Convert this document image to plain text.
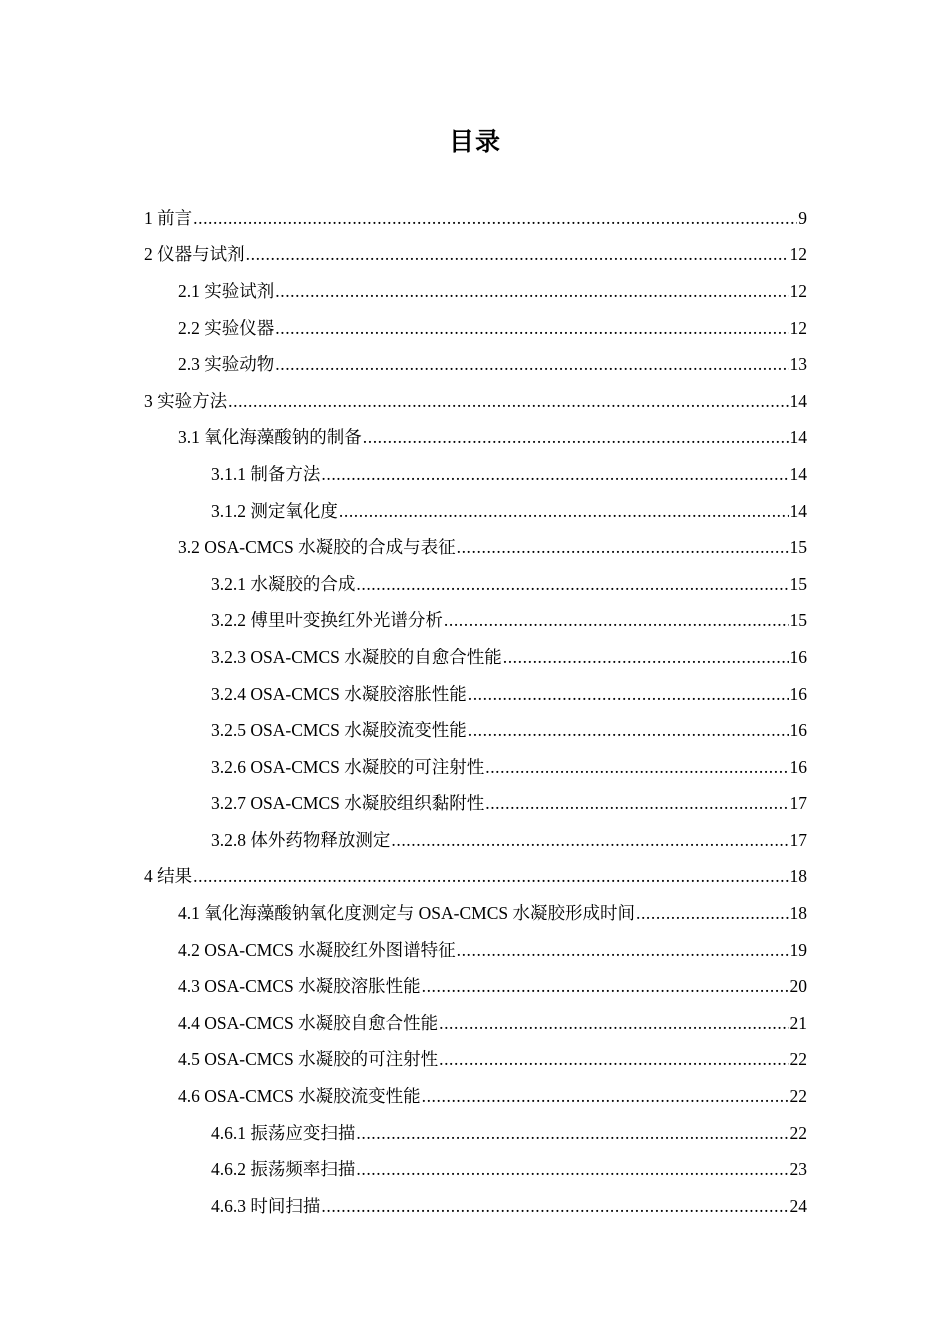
目录
1 前言 .....	9
2 仪器与试剂 .....	12
2.1 实验试剂 .....	12
2.2 实验仪器 .....	12
2.3 实验动物 .....	13
3 实验方法 .....	14
3.1 氧化海藻酸钠的制备 .....	14
3.1.1 制备方法 .....	14
3.1.2 测定氧化度 .....	14
3.2 OSA-CMCS 水凝胶的合成与表征 .....	15
3.2.1 水凝胶的合成 .....	15
3.2.2 傅里叶变换红外光谱分析 .....	15
3.2.3 OSA-CMCS 水凝胶的自愈合性能 .....	16
3.2.4 OSA-CMCS 水凝胶溶胀性能 .....	16
3.2.5 OSA-CMCS 水凝胶流变性能 .....	16
3.2.6 OSA-CMCS 水凝胶的可注射性 .....	16
3.2.7 OSA-CMCS 水凝胶组织黏附性 .....	17
3.2.8 体外药物释放测定 .....	17
4 结果 .....	18
4.1 氧化海藻酸钠氧化度测定与 OSA-CMCS 水凝胶形成时间 .....	18
4.2 OSA-CMCS 水凝胶红外图谱特征 .....	19
4.3 OSA-CMCS 水凝胶溶胀性能 .....	20
4.4 OSA-CMCS 水凝胶自愈合性能 .....	21
4.5 OSA-CMCS 水凝胶的可注射性 .....	22
4.6 OSA-CMCS 水凝胶流变性能 .....	22
4.6.1 振荡应变扫描 .....	22
4.6.2 振荡频率扫描 .....	23
4.6.3 时间扫描 .....	24
